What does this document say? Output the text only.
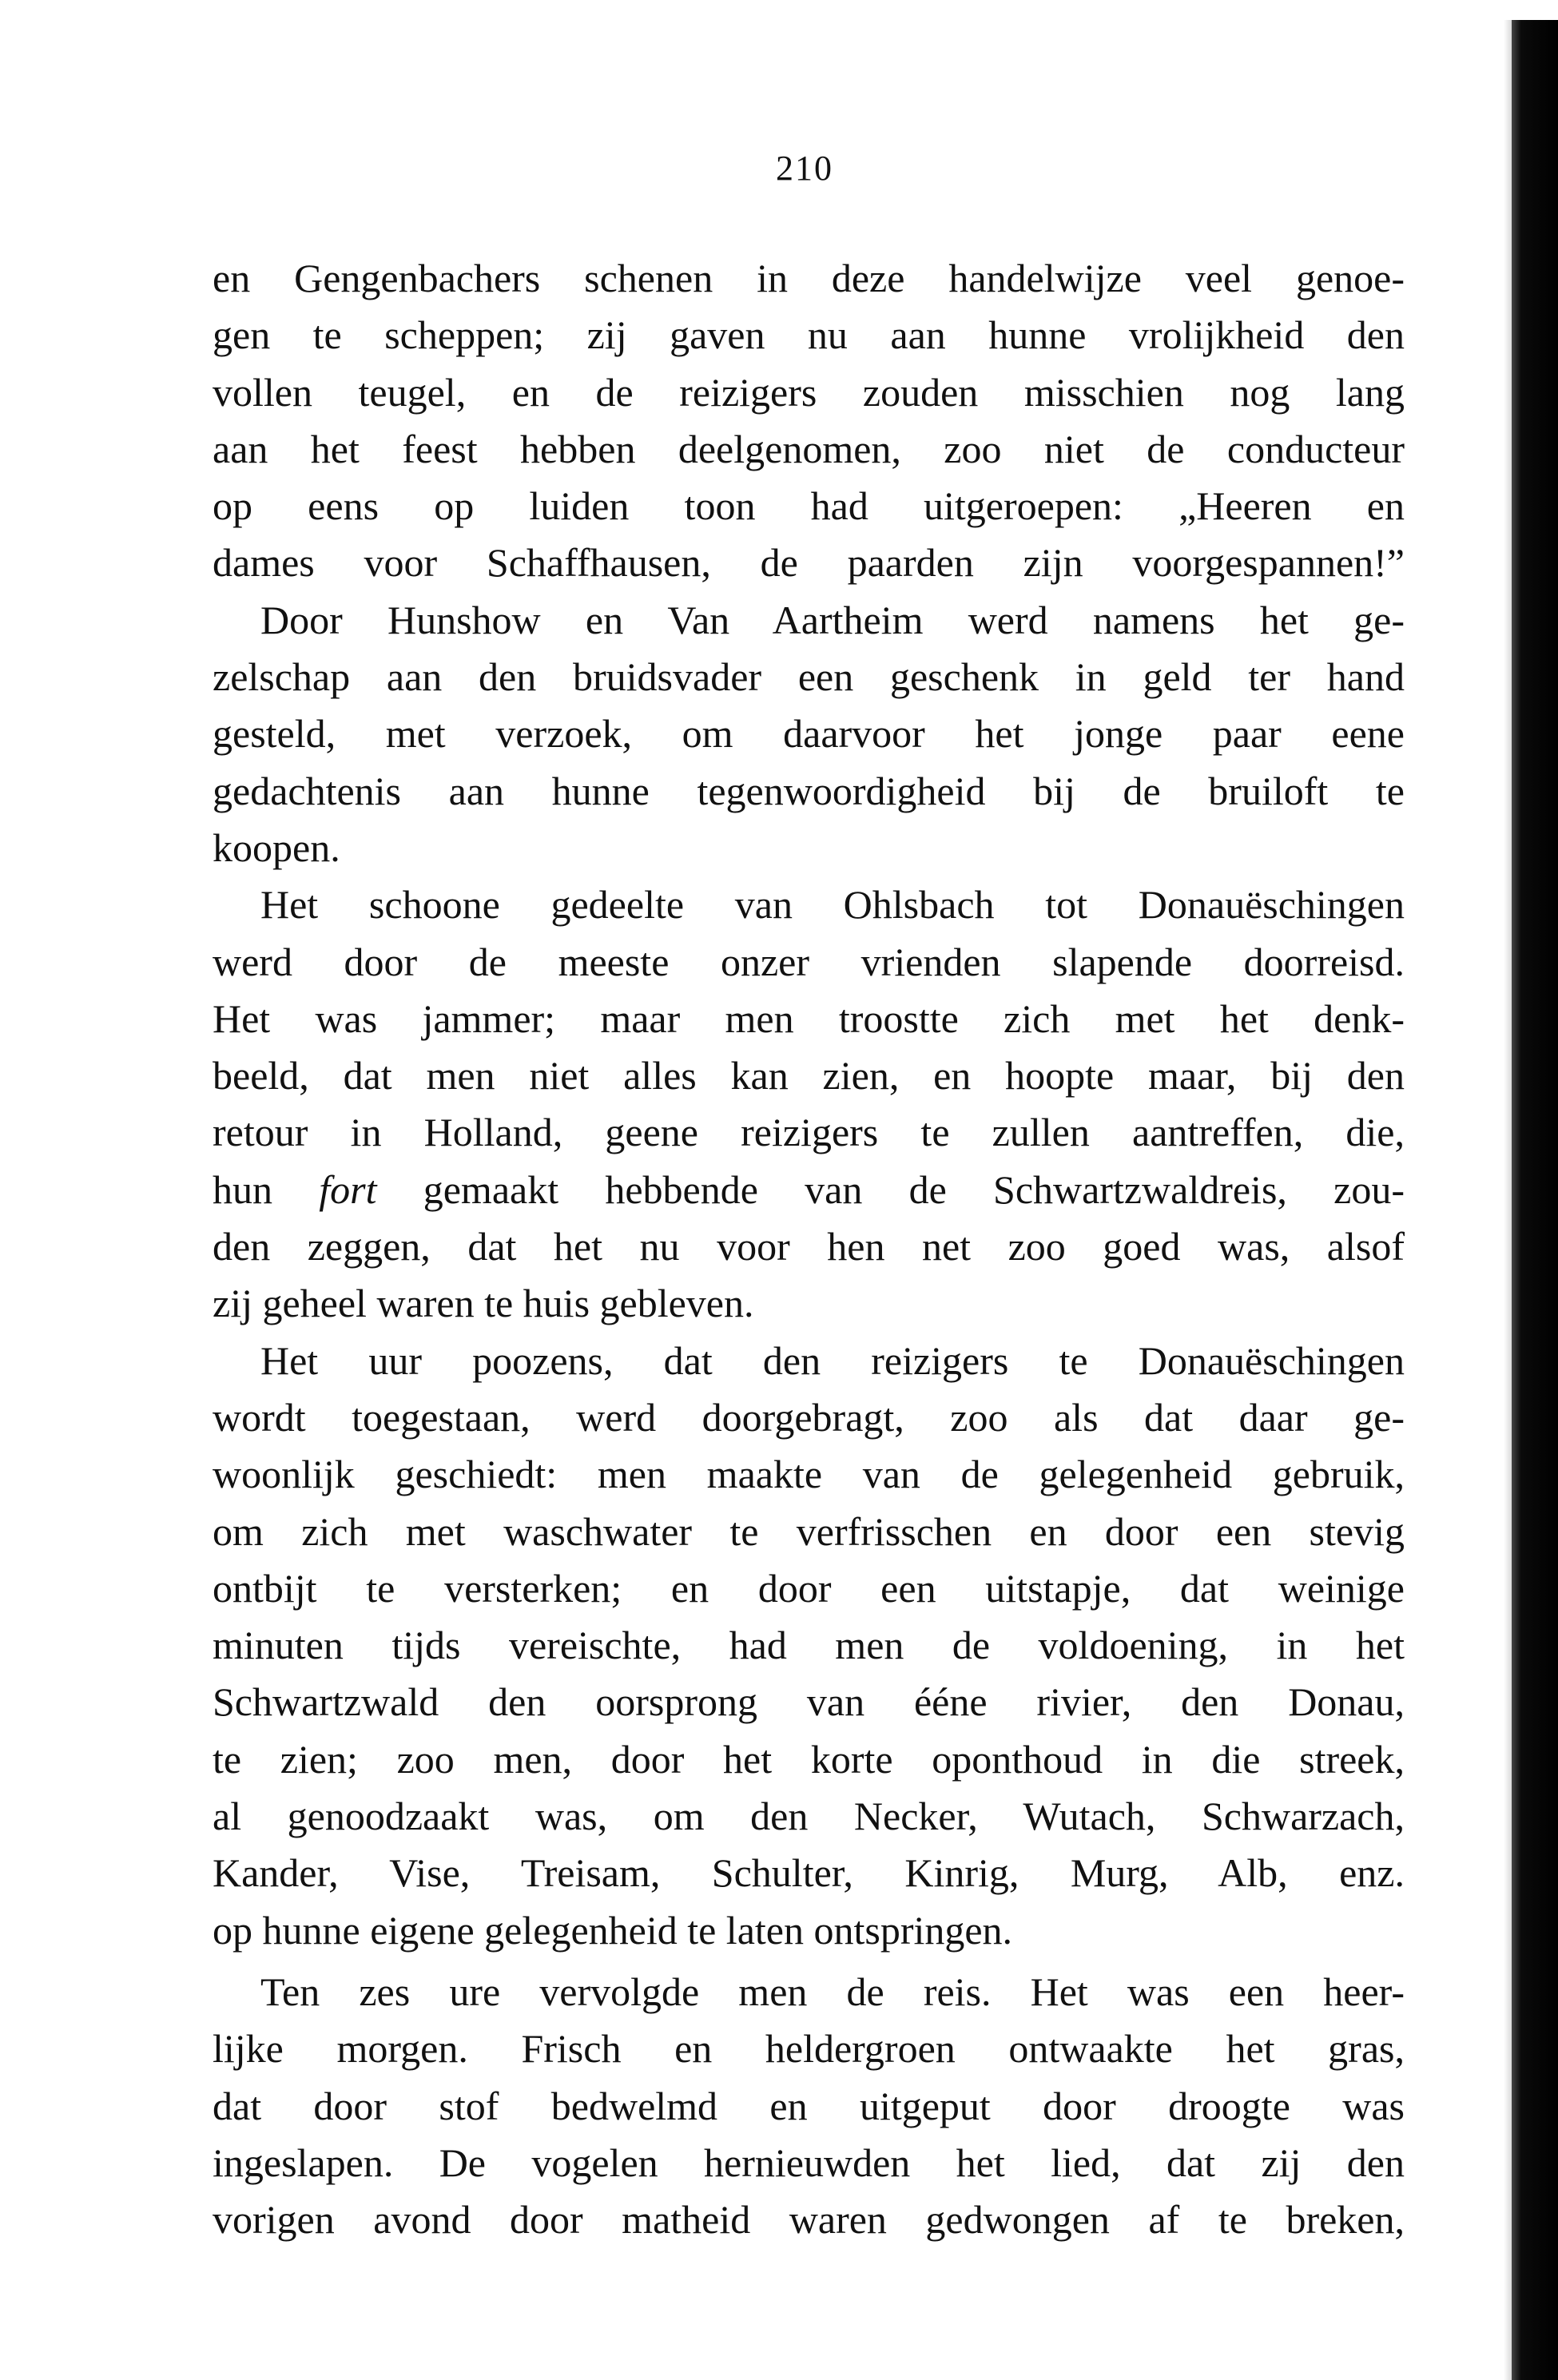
210
en Gengenbachers schenen in deze handelwijze veel genoe-
gen te scheppen; zij gaven nu aan hunne vrolijkheid den
vollen teugel, en de reizigers zouden misschien nog lang
aan het feest hebben deelgenomen, zoo niet de conducteur
op eens op luiden toon had uitgeroepen: „Heeren en
dames voor Schaffhausen, de paarden zijn voorgespannen!”
Door Hunshow en Van Aartheim werd namens het ge-
zelschap aan den bruidsvader een geschenk in geld ter hand
gesteld, met verzoek, om daarvoor het jonge paar eene
gedachtenis aan hunne tegenwoordigheid bij de bruiloft te
koopen.
Het schoone gedeelte van Ohlsbach tot Donauëschingen
werd door de meeste onzer vrienden slapende doorreisd.
Het was jammer; maar men troostte zich met het denk-
beeld, dat men niet alles kan zien, en hoopte maar, bij den
retour in Holland, geene reizigers te zullen aantreffen, die,
hun fort gemaakt hebbende van de Schwartzwaldreis, zou-
den zeggen, dat het nu voor hen net zoo goed was, alsof
zij geheel waren te huis gebleven.
Het uur poozens, dat den reizigers te Donauëschingen
wordt toegestaan, werd doorgebragt, zoo als dat daar ge-
woonlijk geschiedt: men maakte van de gelegenheid gebruik,
om zich met waschwater te verfrisschen en door een stevig
ontbijt te versterken; en door een uitstapje, dat weinige
minuten tijds vereischte, had men de voldoening, in het
Schwartzwald den oorsprong van ééne rivier, den Donau,
te zien; zoo men, door het korte oponthoud in die streek,
al genoodzaakt was, om den Necker, Wutach, Schwarzach,
Kander, Vise, Treisam, Schulter, Kinrig, Murg, Alb, enz.
op hunne eigene gelegenheid te laten ontspringen.
Ten zes ure vervolgde men de reis. Het was een heer-
lijke morgen. Frisch en heldergroen ontwaakte het gras,
dat door stof bedwelmd en uitgeput door droogte was
ingeslapen. De vogelen hernieuwden het lied, dat zij den
vorigen avond door matheid waren gedwongen af te breken,
